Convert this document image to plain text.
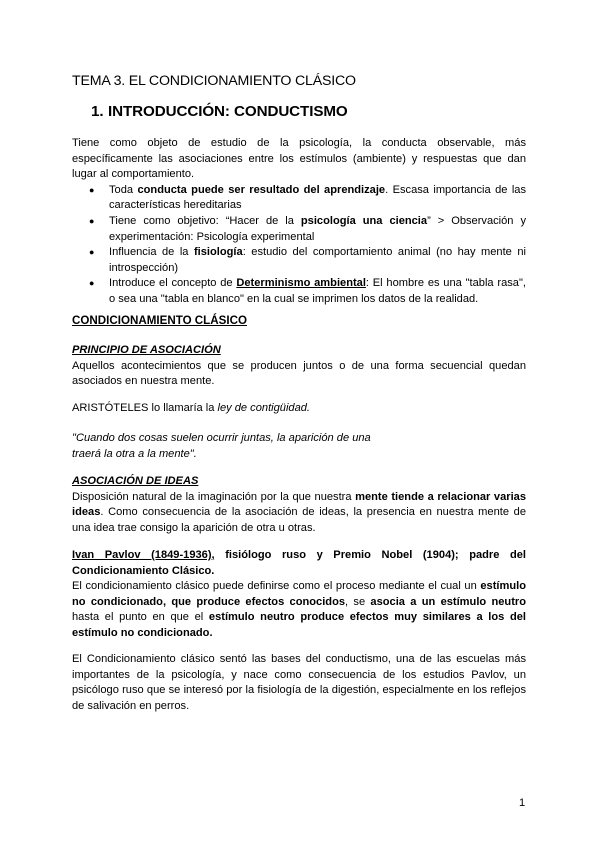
TEMA 3. EL CONDICIONAMIENTO CLÁSICO
1. INTRODUCCIÓN: CONDUCTISMO

Tiene como objeto de estudio de la psicología, la conducta observable, más específicamente las asociaciones entre los estímulos (ambiente) y respuestas que dan lugar al comportamiento.

● Toda conducta puede ser resultado del aprendizaje. Escasa importancia de las características hereditarias
● Tiene como objetivo: “Hacer de la psicología una ciencia” > Observación y experimentación: Psicología experimental
● Influencia de la fisiología: estudio del comportamiento animal (no hay mente ni introspección)
● Introduce el concepto de Determinismo ambiental: El hombre es una "tabla rasa", o sea una "tabla en blanco" en la cual se imprimen los datos de la realidad.
CONDICIONAMIENTO CLÁSICO
PRINCIPIO DE ASOCIACIÓN

Aquellos acontecimientos que se producen juntos o de una forma secuencial quedan asociados en nuestra mente.

ARISTÓTELES lo llamaría la ley de contigüidad.
"Cuando dos cosas suelen ocurrir juntas, la aparición de una
traerá la otra a la mente".
ASOCIACIÓN DE IDEAS

Disposición natural de la imaginación por la que nuestra mente tiende a relacionar varias ideas. Como consecuencia de la asociación de ideas, la presencia en nuestra mente de una idea trae consigo la aparición de otra u otras.

Ivan Pavlov (1849-1936), fisiólogo ruso y Premio Nobel (1904); padre del Condicionamiento Clásico.

El condicionamiento clásico puede definirse como el proceso mediante el cual un estímulo no condicionado, que produce efectos conocidos, se asocia a un estímulo neutro hasta el punto en que el estímulo neutro produce efectos muy similares a los del estímulo no condicionado.

El Condicionamiento clásico sentó las bases del conductismo, una de las escuelas más importantes de la psicología, y nace como consecuencia de los estudios Pavlov, un psicólogo ruso que se interesó por la fisiología de la digestión, especialmente en los reflejos de salivación en perros.

1
